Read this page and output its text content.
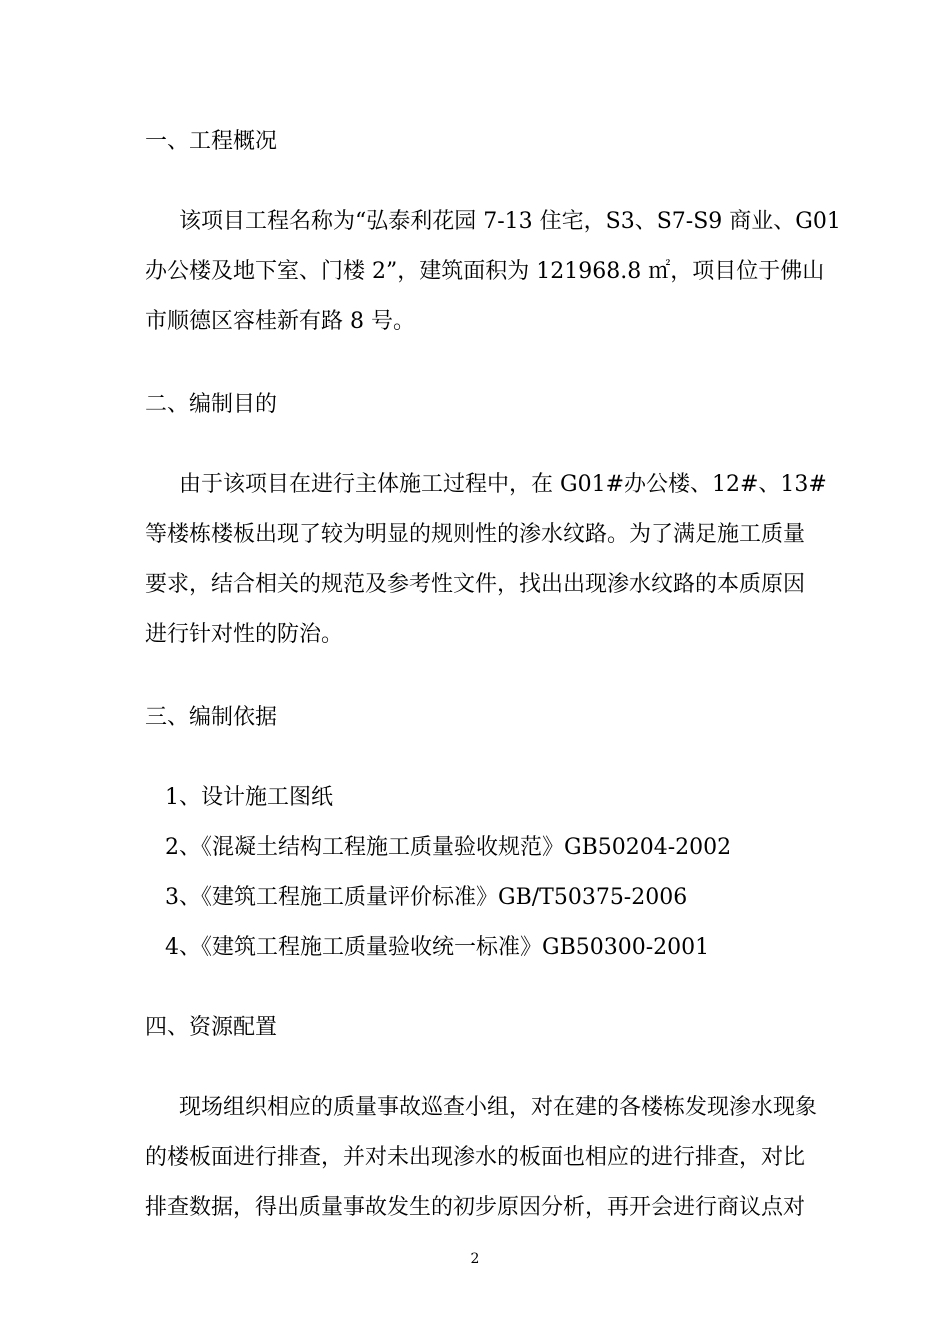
一、工程概况
该项目工程名称为“弘泰利花园 7-13 住宅，S3、S7-S9 商业、G01
办公楼及地下室、门楼 2”，建筑面积为 121968.8 ㎡，项目位于佛山
市顺德区容桂新有路 8 号。
二、编制目的
由于该项目在进行主体施工过程中，在 G01#办公楼、12#、13#
等楼栋楼板出现了较为明显的规则性的渗水纹路。为了满足施工质量
要求，结合相关的规范及参考性文件，找出出现渗水纹路的本质原因
进行针对性的防治。
三、编制依据
1、设计施工图纸
2、《混凝土结构工程施工质量验收规范》GB50204-2002
3、《建筑工程施工质量评价标准》GB/T50375-2006
4、《建筑工程施工质量验收统一标准》GB50300-2001
四、资源配置
现场组织相应的质量事故巡查小组，对在建的各楼栋发现渗水现象
的楼板面进行排查，并对未出现渗水的板面也相应的进行排查，对比
排查数据，得出质量事故发生的初步原因分析，再开会进行商议点对
2
